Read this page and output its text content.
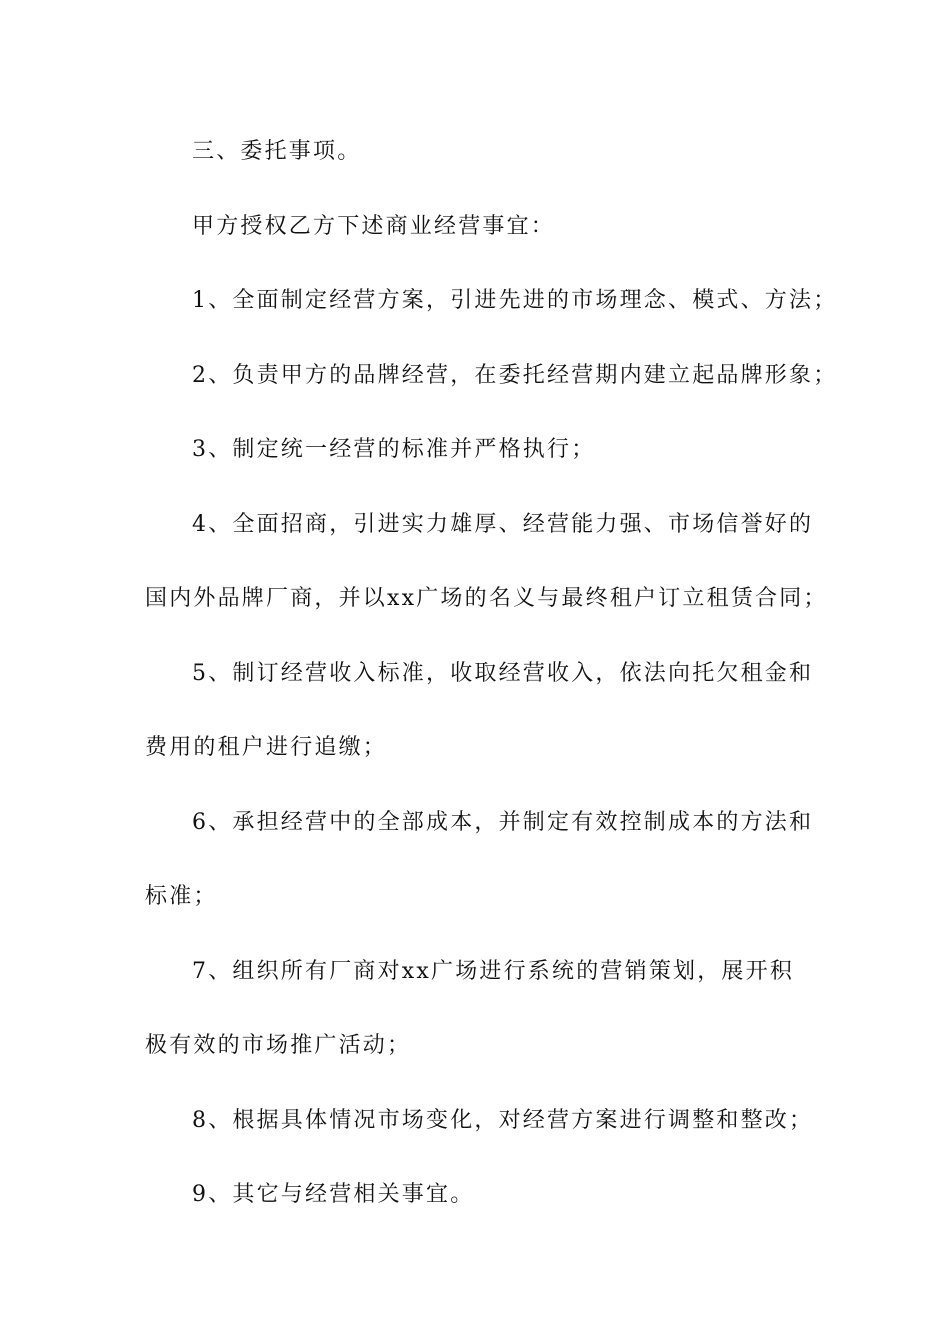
三、委托事项。
甲方授权乙方下述商业经营事宜：
1、全面制定经营方案，引进先进的市场理念、模式、方法；
2、负责甲方的品牌经营，在委托经营期内建立起品牌形象；
3、制定统一经营的标准并严格执行；
4、全面招商，引进实力雄厚、经营能力强、市场信誉好的
国内外品牌厂商，并以xx广场的名义与最终租户订立租赁合同；
5、制订经营收入标准，收取经营收入，依法向托欠租金和
费用的租户进行追缴；
6、承担经营中的全部成本，并制定有效控制成本的方法和
标准；
7、组织所有厂商对xx广场进行系统的营销策划，展开积
极有效的市场推广活动；
8、根据具体情况市场变化，对经营方案进行调整和整改；
9、其它与经营相关事宜。
